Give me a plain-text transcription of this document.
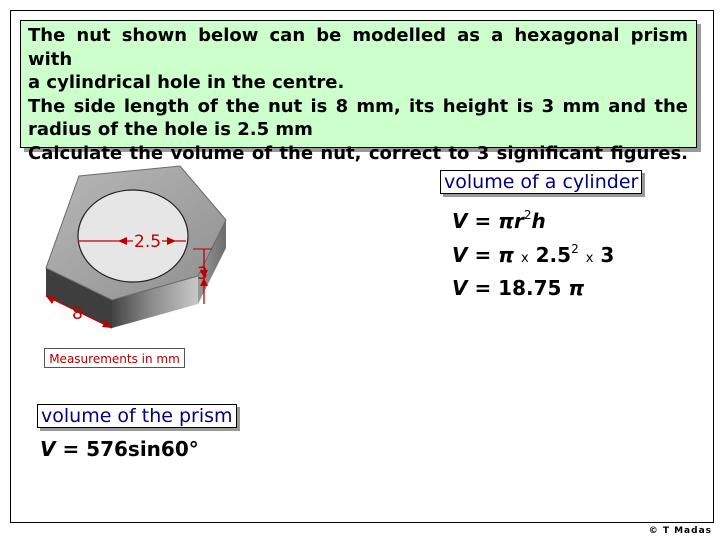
The nut shown below can be modelled as a hexagonal prism with
a cylindrical hole in the centre.
The side length of the nut is 8 mm, its height is 3 mm and the
radius of the hole is 2.5 mm
Calculate the volume of the nut, correct to 3 significant figures.
2.5
3
8
Measurements in mm
volume of a cylinder
$V = \pi r^2h$
V = π x $2.5^2$ x 3
V = 18.75 π
volume of the prism
V = 576sin60°
© T Madas
